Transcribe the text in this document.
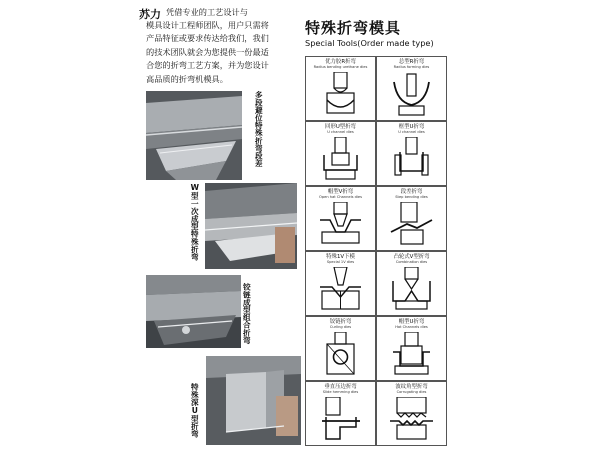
苏力 凭借专业的工艺设计与
模具设计工程师团队，用户只需将
产品特征或要求传达给我们，我们
的技术团队就会为您提供一份最适
合您的折弯工艺方案，并为您设计
高品质的折弯机模具。
多段避位特殊折弯段差
W型一次成型特殊折弯
铰链成型组合折弯
特殊深U型折弯
特殊折弯模具
Special Tools(Order made type)
优力胶R折弯
Radius bending urethane dies
总型R折弯
Radius forming dies
回形U型折弯
U channel dies
框型U折弯
U channel dies
帽型V折弯
Open hat Channels dies
段差折弯
Step bending dies
特殊1V下模
Special 1V dies
凸轮式V型折弯
Combination dies
铰链折弯
Curling dies
帽型U折弯
Hat Channels dies
垂直压边折弯
Slide hemming dies
波纹角型折弯
Corrugating dies
